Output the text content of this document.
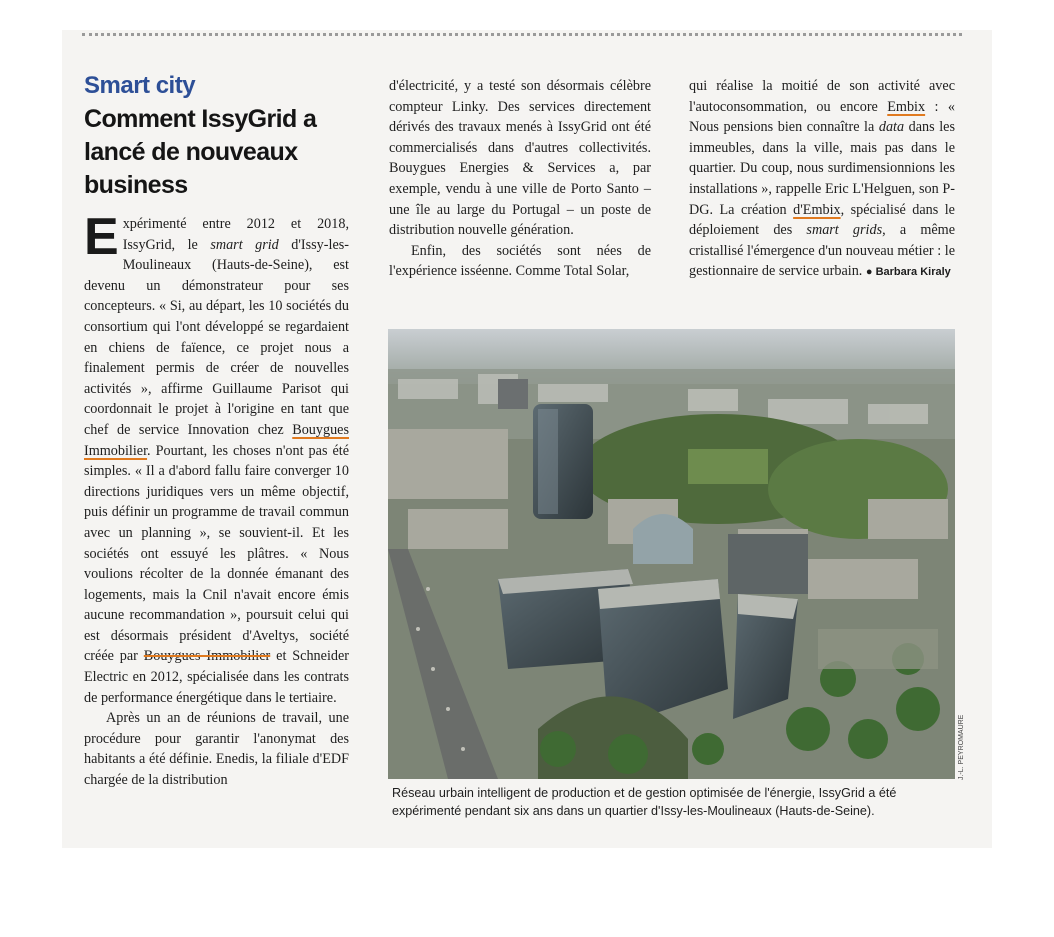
Smart city
Comment IssyGrid a lancé de nouveaux business

Expérimenté entre 2012 et 2018, IssyGrid, le smart grid d'Issy-les-Moulineaux (Hauts-de-Seine), est devenu un démonstrateur pour ses concepteurs. « Si, au départ, les 10 sociétés du consortium qui l'ont développé se regardaient en chiens de faïence, ce projet nous a finalement permis de créer de nouvelles activités », affirme Guillaume Parisot qui coordonnait le projet à l'origine en tant que chef de service Innovation chez Bouygues Immobilier. Pourtant, les choses n'ont pas été simples. « Il a d'abord fallu faire converger 10 directions juridiques vers un même objectif, puis définir un programme de travail commun avec un planning », se souvient-il. Et les sociétés ont essuyé les plâtres. « Nous voulions récolter de la donnée émanant des logements, mais la Cnil n'avait encore émis aucune recommandation », poursuit celui qui est désormais président d'Aveltys, société créée par Bouygues Immobilier et Schneider Electric en 2012, spécialisée dans les contrats de performance énergétique dans le tertiaire.

Après un an de réunions de travail, une procédure pour garantir l'anonymat des habitants a été définie. Enedis, la filiale d'EDF chargée de la distribution

d'électricité, y a testé son désormais célèbre compteur Linky. Des services directement dérivés des travaux menés à IssyGrid ont été commercialisés dans d'autres collectivités. Bouygues Energies & Services a, par exemple, vendu à une ville de Porto Santo – une île au large du Portugal – un poste de distribution nouvelle génération.

Enfin, des sociétés sont nées de l'expérience isséenne. Comme Total Solar,

qui réalise la moitié de son activité avec l'autoconsommation, ou encore Embix : « Nous pensions bien connaître la data dans les immeubles, dans la ville, mais pas dans le quartier. Du coup, nous surdimensionnions les installations », rappelle Eric L'Helguen, son P-DG. La création d'Embix, spécialisé dans le déploiement des smart grids, a même cristallisé l'émergence d'un nouveau métier : le gestionnaire de service urbain. ● Barbara Kiraly

J.-L. PEYROMAURE
Réseau urbain intelligent de production et de gestion optimisée de l'énergie, IssyGrid a été expérimenté pendant six ans dans un quartier d'Issy-les-Moulineaux (Hauts-de-Seine).
